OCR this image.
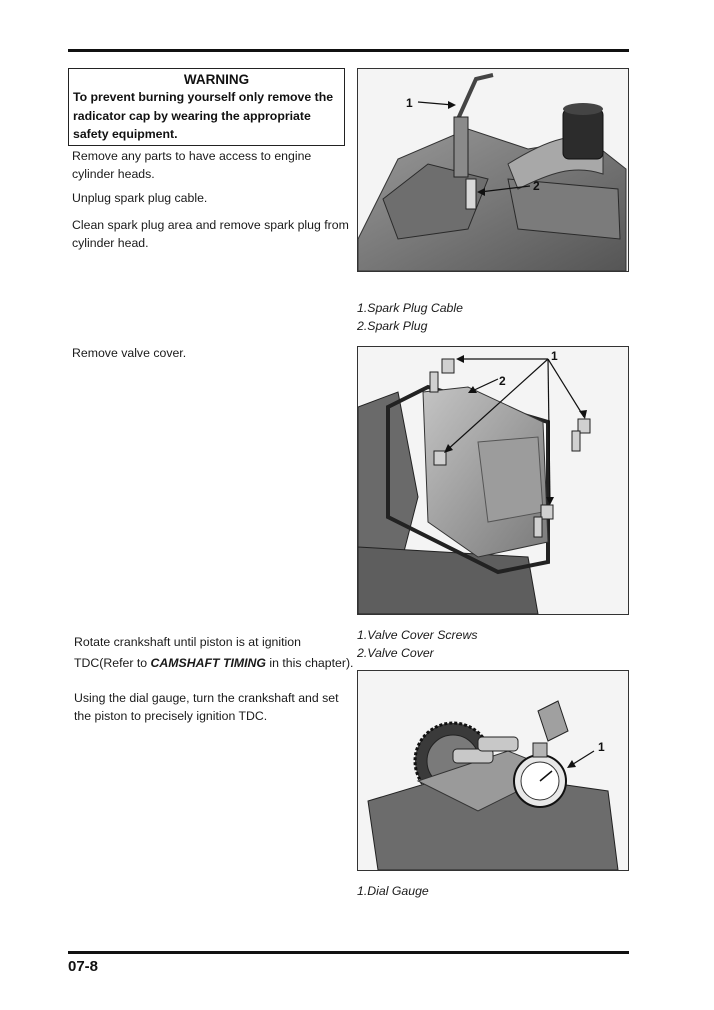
WARNING
To prevent burning yourself only remove the radicator cap by wearing the appropriate safety equipment.
Remove any parts to have access to engine cylinder heads.
Unplug spark plug cable.
Clean spark plug area and remove spark plug from cylinder head.
Remove valve cover.
Rotate crankshaft until piston is at ignition TDC(Refer to CAMSHAFT TIMING in this chapter).
Using the dial gauge, turn the crankshaft and set the piston to precisely ignition TDC.
1
2
1.Spark Plug Cable
2.Spark Plug
1
2
1.Valve Cover Screws
2.Valve Cover
1
1.Dial Gauge
07-8
